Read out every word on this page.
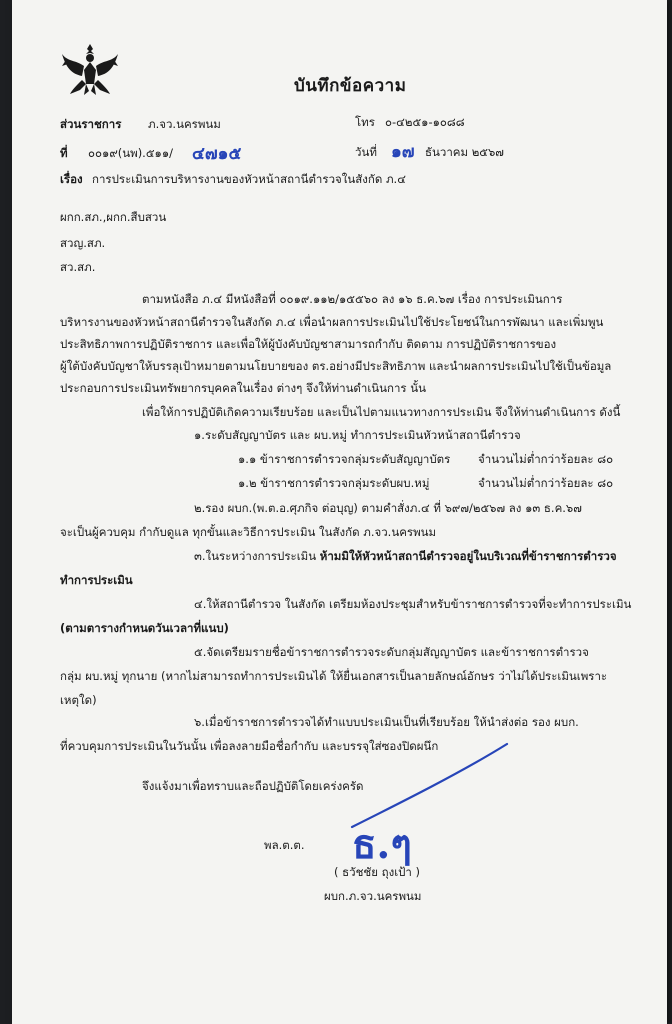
บันทึกข้อความ
ส่วนราชการ ภ.จว.นครพนม	โทร ๐-๔๒๕๑-๑๐๘๘
ที่ ๐๐๑๙(นพ).๕๑๑/ ๔๗๑๕	วันที่ ๑๗ ธันวาคม ๒๕๖๗
เรื่อง การประเมินการบริหารงานของหัวหน้าสถานีตำรวจในสังกัด ภ.๔
ผกก.สภ.,ผกก.สืบสวน
สวญ.สภ.
สว.สภ.
ตามหนังสือ ภ.๔ มีหนังสือที่ ๐๐๑๙.๑๑๒/๑๕๕๖๐ ลง ๑๖ ธ.ค.๖๗ เรื่อง การประเมินการ
บริหารงานของหัวหน้าสถานีตำรวจในสังกัด ภ.๔ เพื่อนำผลการประเมินไปใช้ประโยชน์ในการพัฒนา และเพิ่มพูน
ประสิทธิภาพการปฏิบัติราชการ และเพื่อให้ผู้บังคับบัญชาสามารถกำกับ ติดตาม การปฏิบัติราชการของ
ผู้ใต้บังคับบัญชาให้บรรลุเป้าหมายตามนโยบายของ ตร.อย่างมีประสิทธิภาพ และนำผลการประเมินไปใช้เป็นข้อมูล
ประกอบการประเมินทรัพยากรบุคคลในเรื่อง ต่างๆ จึงให้ท่านดำเนินการ นั้น
เพื่อให้การปฏิบัติเกิดความเรียบร้อย และเป็นไปตามแนวทางการประเมิน จึงให้ท่านดำเนินการ ดังนี้
๑.ระดับสัญญาบัตร และ ผบ.หมู่ ทำการประเมินหัวหน้าสถานีตำรวจ
๑.๑ ข้าราชการตำรวจกลุ่มระดับสัญญาบัตร จำนวนไม่ต่ำกว่าร้อยละ ๘๐
๑.๒ ข้าราชการตำรวจกลุ่มระดับผบ.หมู่	จำนวนไม่ต่ำกว่าร้อยละ ๘๐
๒.รอง ผบก.(พ.ต.อ.ศุภกิจ ต่อบุญ) ตามคำสั่งภ.๔ ที่ ๖๙๗/๒๕๖๗ ลง ๑๓ ธ.ค.๖๗
จะเป็นผู้ควบคุม กำกับดูแล ทุกขั้นและวิธีการประเมิน ในสังกัด ภ.จว.นครพนม
๓.ในระหว่างการประเมิน ห้ามมิให้หัวหน้าสถานีตำรวจอยู่ในบริเวณที่ข้าราชการตำรวจ
ทำการประเมิน
๔.ให้สถานีตำรวจ ในสังกัด เตรียมห้องประชุมสำหรับข้าราชการตำรวจที่จะทำการประเมิน
(ตามตารางกำหนดวันเวลาที่แนบ)
๕.จัดเตรียมรายชื่อข้าราชการตำรวจระดับกลุ่มสัญญาบัตร และข้าราชการตำรวจ
กลุ่ม ผบ.หมู่ ทุกนาย (หากไม่สามารถทำการประเมินได้ ให้ยื่นเอกสารเป็นลายลักษณ์อักษร ว่าไม่ได้ประเมินเพราะ
เหตุใด)
๖.เมื่อข้าราชการตำรวจได้ทำแบบประเมินเป็นที่เรียบร้อย ให้นำส่งต่อ รอง ผบก.
ที่ควบคุมการประเมินในวันนั้น เพื่อลงลายมือชื่อกำกับ และบรรจุใส่ซองปิดผนึก
จึงแจ้งมาเพื่อทราบและถือปฏิบัติโดยเคร่งครัด
พล.ต.ต. ธ.ๆ
( ธวัชชัย ถุงเป้า )
ผบก.ภ.จว.นครพนม
